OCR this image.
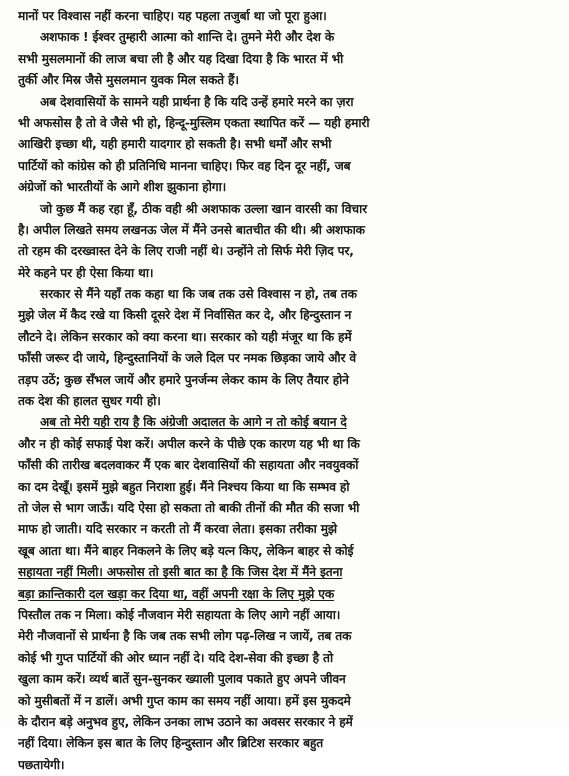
मानों पर विश्वास नहीं करना चाहिए। यह पहला तजुर्बा था जो पूरा हुआ।
अशफाक ! ईश्वर तुम्हारी आत्मा को शान्ति दे। तुमने मेरी और देश के
सभी मुसलमानों की लाज बचा ली है और यह दिखा दिया है कि भारत में भी
तुर्की और मिस्र जैसे मुसलमान युवक मिल सकते हैं।
अब देशवासियों के सामने यही प्रार्थना है कि यदि उन्हें हमारे मरने का ज़रा
भी अफसोस है तो वे जैसे भी हो, हिन्दू-मुस्लिम एकता स्थापित करें — यही हमारी
आखिरी इच्छा थी, यही हमारी यादगार हो सकती है। सभी धर्मों और सभी
पार्टियों को कांग्रेस को ही प्रतिनिधि मानना चाहिए। फिर वह दिन दूर नहीं, जब
अंग्रेजों को भारतीयों के आगे शीश झुकाना होगा।
जो कुछ मैं कह रहा हूँ, ठीक वही श्री अशफाक उल्ला खान वारसी का विचार
है। अपील लिखते समय लखनऊ जेल में मैंने उनसे बातचीत की थी। श्री अशफाक
तो रहम की दरख्वास्त देने के लिए राजी नहीं थे। उन्होंने तो सिर्फ मेरी ज़िद पर,
मेरे कहने पर ही ऐसा किया था।
सरकार से मैंने यहाँ तक कहा था कि जब तक उसे विश्वास न हो, तब तक
मुझे जेल में कैद रखे या किसी दूसरे देश में निर्वासित कर दे, और हिन्दुस्तान न
लौटने दे। लेकिन सरकार को क्या करना था। सरकार को यही मंजूर था कि हमें
फाँसी जरूर दी जाये, हिन्दुस्तानियों के जले दिल पर नमक छिड़का जाये और वे
तड़प उठें; कुछ सँभल जायें और हमारे पुनर्जन्म लेकर काम के लिए तैयार होने
तक देश की हालत सुधर गयी हो।
अब तो मेरी यही राय है कि अंग्रेजी अदालत के आगे न तो कोई बयान दे
और न ही कोई सफाई पेश करें। अपील करने के पीछे एक कारण यह भी था कि
फाँसी की तारीख बदलवाकर मैं एक बार देशवासियों की सहायता और नवयुवकों
का दम देखूँ। इसमें मुझे बहुत निराशा हुई। मैंने निश्चय किया था कि सम्भव हो
तो जेल से भाग जाऊँ। यदि ऐसा हो सकता तो बाकी तीनों की मौत की सजा भी
माफ हो जाती। यदि सरकार न करती तो मैं करवा लेता। इसका तरीका मुझे
खूब आता था। मैंने बाहर निकलने के लिए बड़े यत्न किए, लेकिन बाहर से कोई
सहायता नहीं मिली। अफसोस तो इसी बात का है कि जिस देश में मैंने इतना
बड़ा क्रान्तिकारी दल खड़ा कर दिया था, वहीं अपनी रक्षा के लिए मुझे एक
पिस्तौल तक न मिला। कोई नौजवान मेरी सहायता के लिए आगे नहीं आया।
मेरी नौजवानों से प्रार्थना है कि जब तक सभी लोग पढ़-लिख न जायें, तब तक
कोई भी गुप्त पार्टियों की ओर ध्यान नहीं दे। यदि देश-सेवा की इच्छा है तो
खुला काम करें। व्यर्थ बातें सुन-सुनकर ख्याली पुलाव पकाते हुए अपने जीवन
को मुसीबतों में न डालें। अभी गुप्त काम का समय नहीं आया। हमें इस मुकदमे
के दौरान बड़े अनुभव हुए, लेकिन उनका लाभ उठाने का अवसर सरकार ने हमें
नहीं दिया। लेकिन इस बात के लिए हिन्दुस्तान और ब्रिटिश सरकार बहुत
पछतायेगी।
